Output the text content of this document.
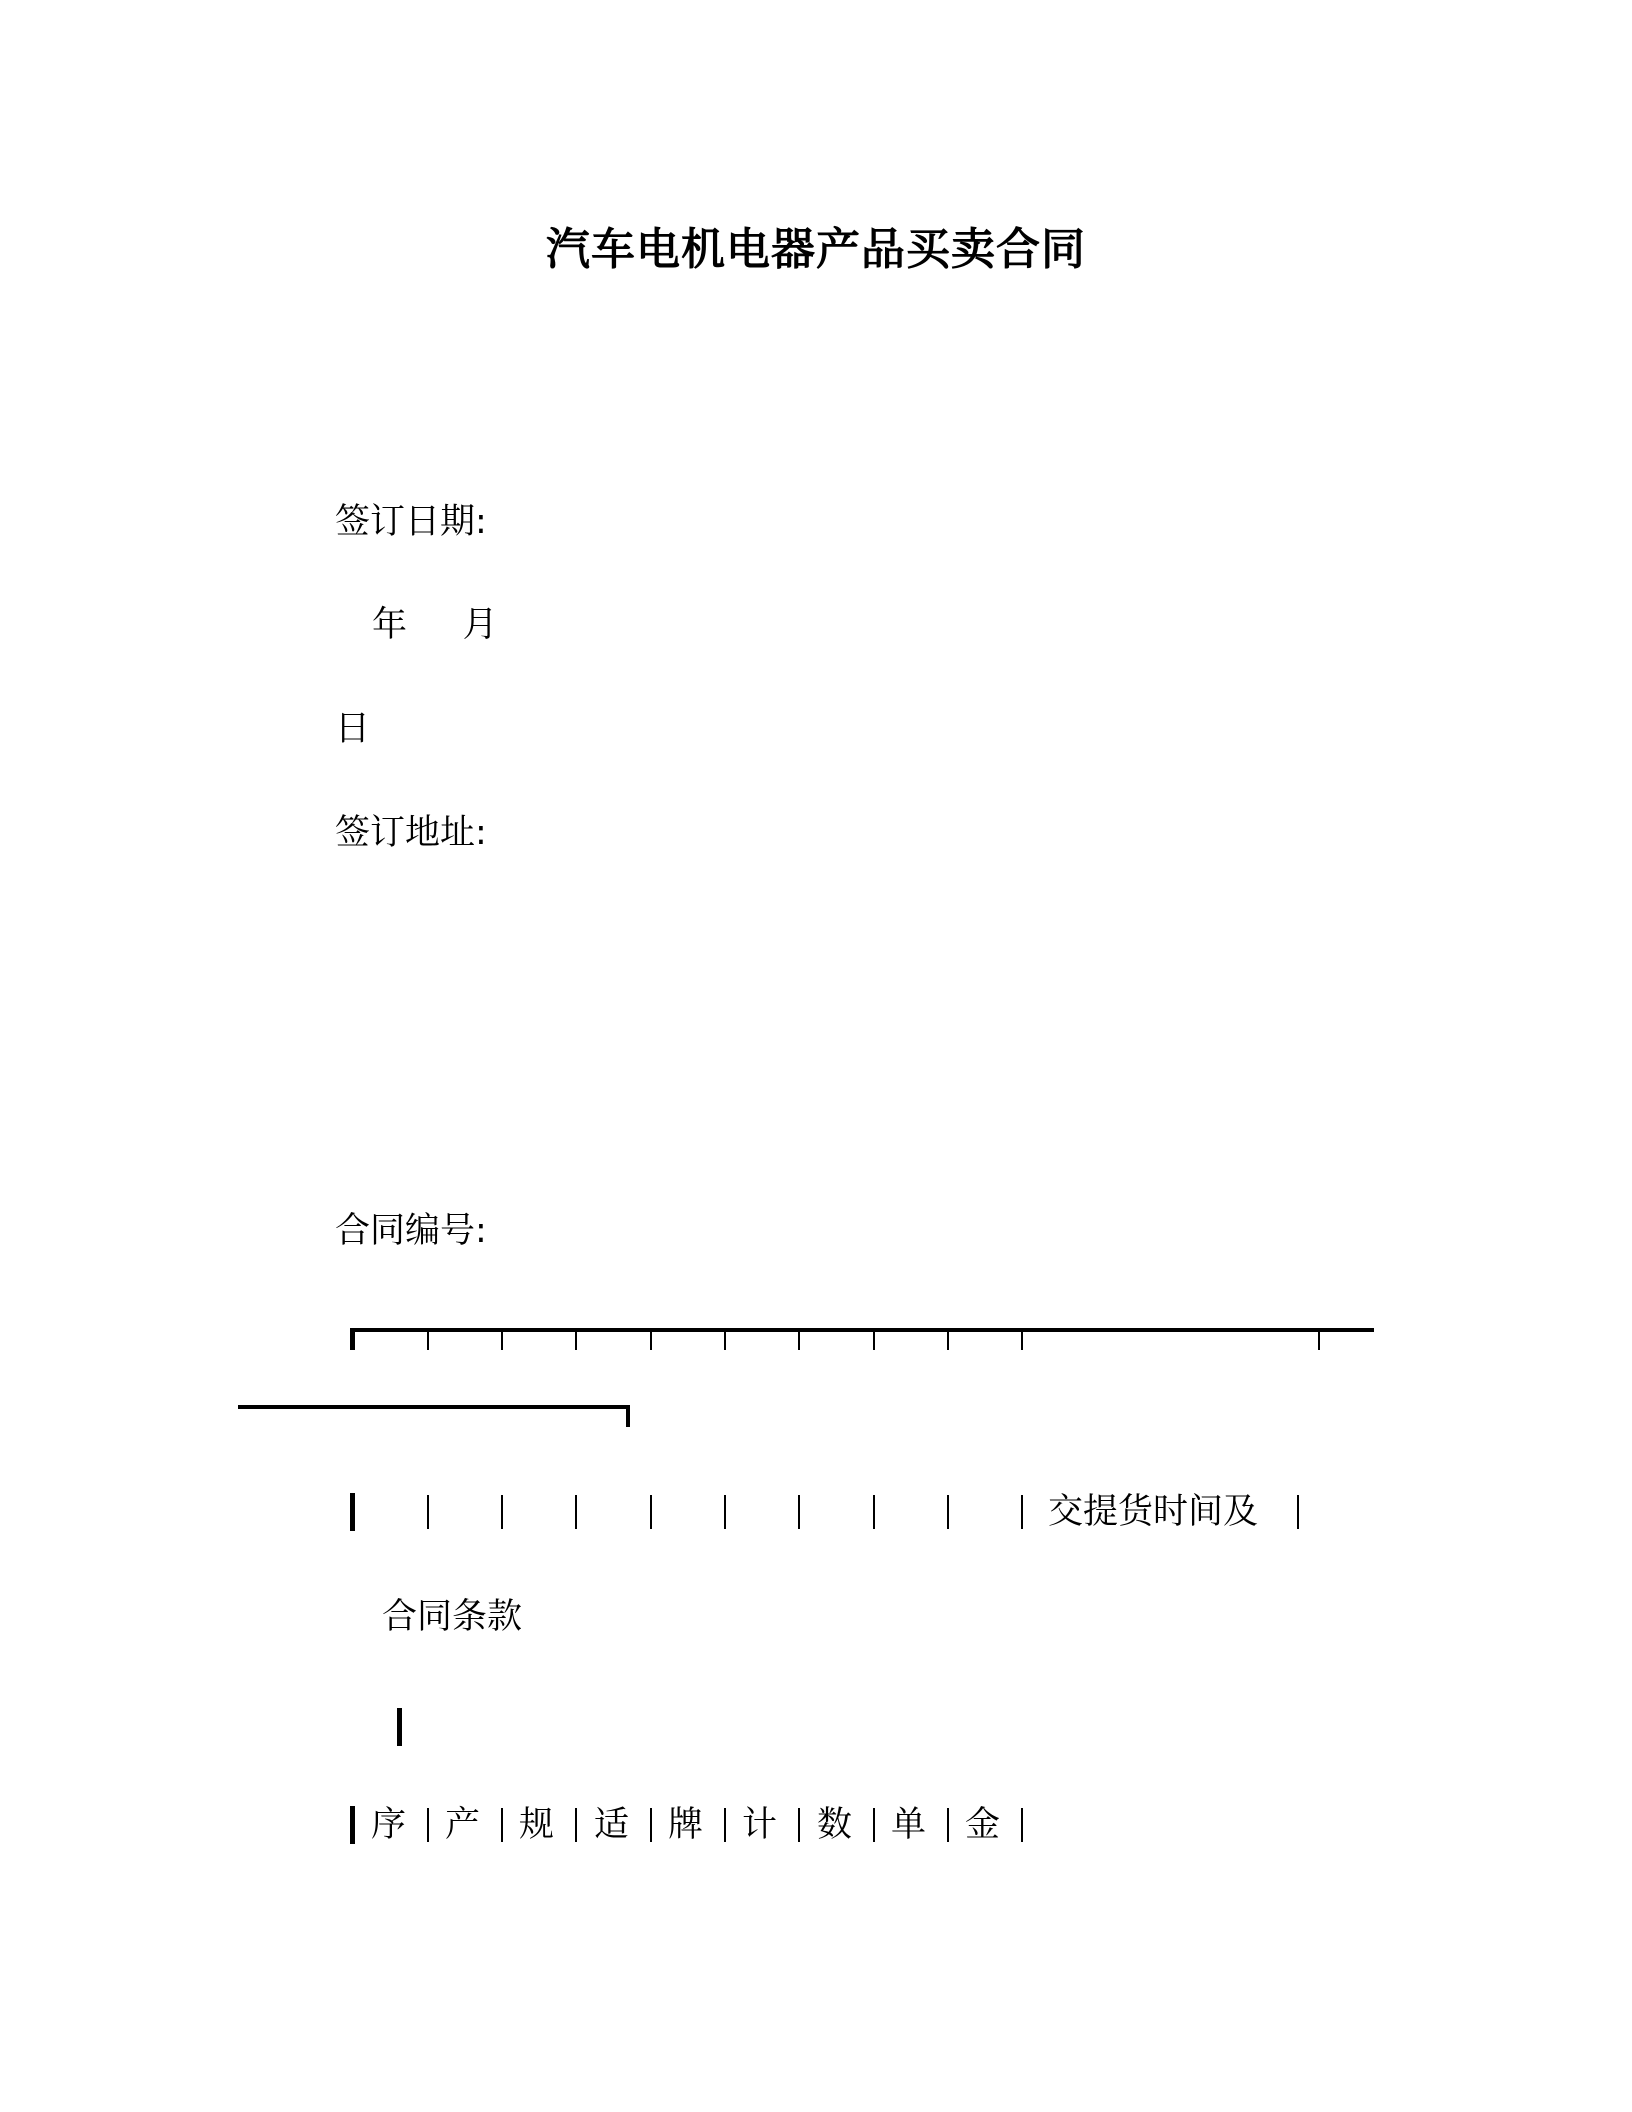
汽车电机电器产品买卖合同
签订日期:
年     月
日
签订地址:
合同编号:
交提货时间及
合同条款
序 产 规 适 牌 计 数 单 金
